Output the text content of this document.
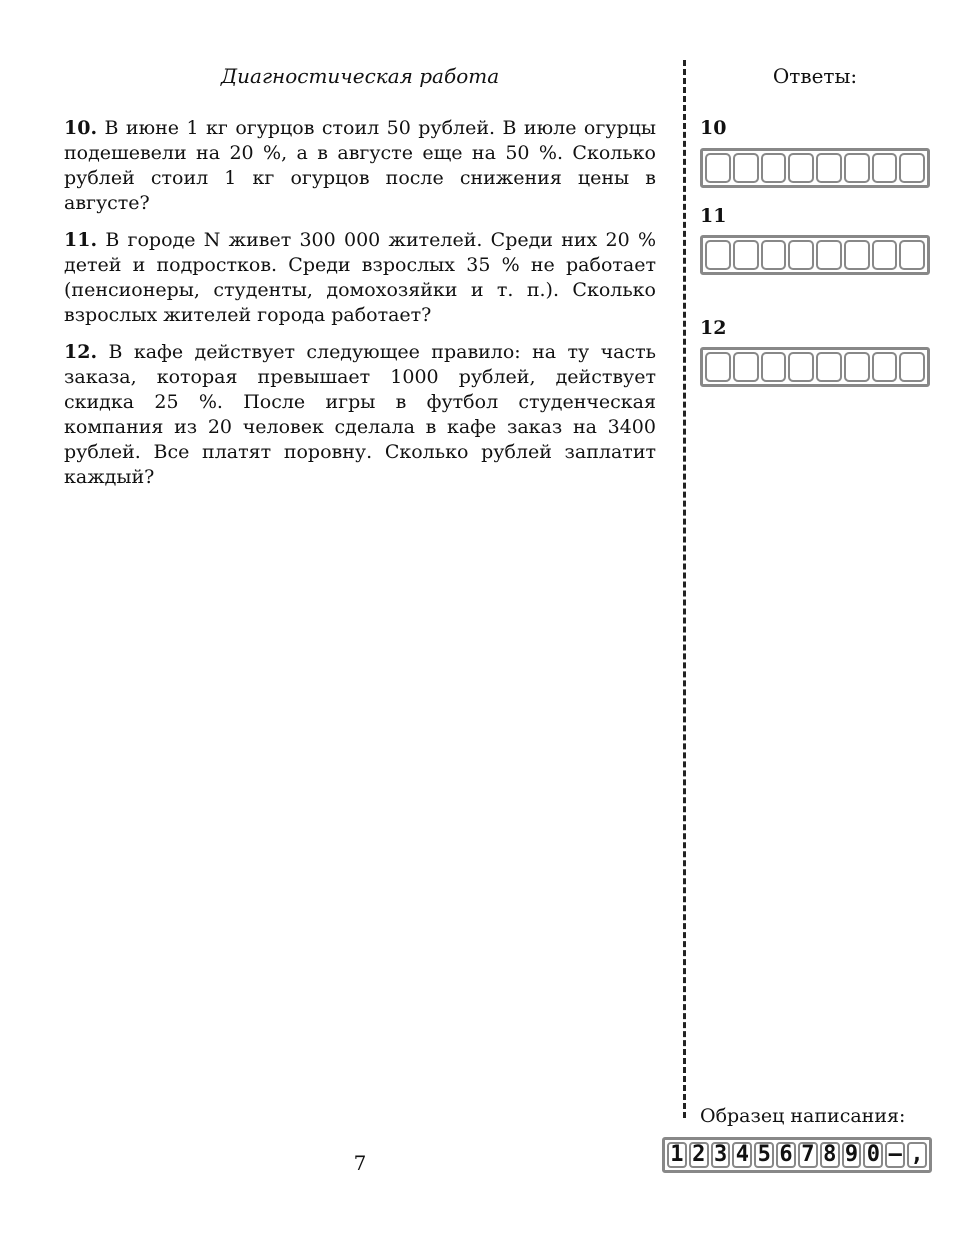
Диагностическая работа	Ответы:

10. В июне 1 кг огурцов стоил 50 рублей. В июле огурцы подешевели на 20 %, а в августе еще на 50 %. Сколько рублей стоил 1 кг огурцов после снижения цены в августе?

11. В городе N живет 300 000 жителей. Среди них 20 % детей и подростков. Среди взрослых 35 % не работает (пенсионеры, студенты, домохозяйки и т. п.). Сколько взрослых жителей города работает?

12. В кафе действует следующее правило: на ту часть заказа, которая превышает 1000 рублей, действует скидка 25 %. После игры в футбол студенческая компания из 20 человек сделала в кафе заказ на 3400 рублей. Все платят поровну. Сколько рублей заплатит каждый?

10
11
12
Образец написания:
1 2 3 4 5 6 7 8 9 0 – ,
7
